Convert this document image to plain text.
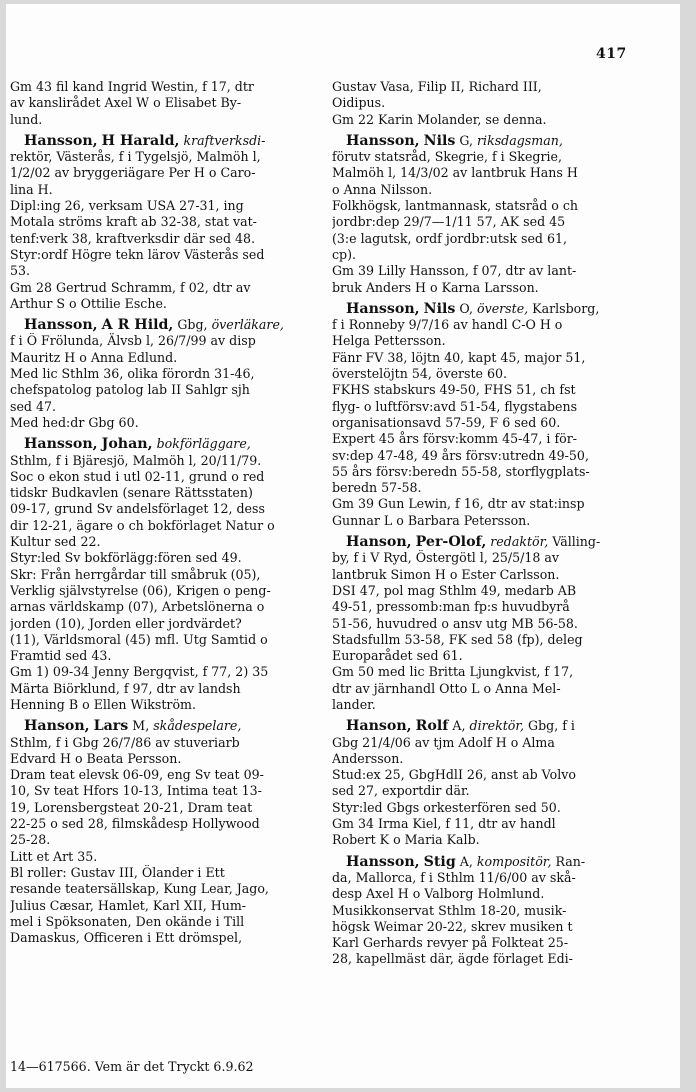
417
Gm 43 fil kand Ingrid Westin, f 17, dtr
av kanslirådet Axel W o Elisabet By-
lund.
Hansson, H Harald, kraftverksdi-
rektör, Västerås, f i Tygelsjö, Malmöh l,
1/2/02 av bryggeriägare Per H o Caro-
lina H.
Dipl:ing 26, verksam USA 27-31, ing
Motala ströms kraft ab 32-38, stat vat-
tenf:verk 38, kraftverksdir där sed 48.
Styr:ordf Högre tekn lärov Västerås sed
53.
Gm 28 Gertrud Schramm, f 02, dtr av
Arthur S o Ottilie Esche.
Hansson, A R Hild, Gbg, överläkare,
f i Ö Frölunda, Älvsb l, 26/7/99 av disp
Mauritz H o Anna Edlund.
Med lic Sthlm 36, olika förordn 31-46,
chefspatolog patolog lab II Sahlgr sjh
sed 47.
Med hed:dr Gbg 60.
Hansson, Johan, bokförläggare,
Sthlm, f i Bjäresjö, Malmöh l, 20/11/79.
Soc o ekon stud i utl 02-11, grund o red
tidskr Budkavlen (senare Rättsstaten)
09-17, grund Sv andelsförlaget 12, dess
dir 12-21, ägare o ch bokförlaget Natur o
Kultur sed 22.
Styr:led Sv bokförlägg:fören sed 49.
Skr: Från herrgårdar till småbruk (05),
Verklig självstyrelse (06), Krigen o peng-
arnas världskamp (07), Arbetslönerna o
jorden (10), Jorden eller jordvärdet?
(11), Världsmoral (45) mfl. Utg Samtid o
Framtid sed 43.
Gm 1) 09-34 Jenny Bergqvist, f 77, 2) 35
Märta Biörklund, f 97, dtr av landsh
Henning B o Ellen Wikström.
Hanson, Lars M, skådespelare,
Sthlm, f i Gbg 26/7/86 av stuveriarb
Edvard H o Beata Persson.
Dram teat elevsk 06-09, eng Sv teat 09-
10, Sv teat Hfors 10-13, Intima teat 13-
19, Lorensbergsteat 20-21, Dram teat
22-25 o sed 28, filmskådesp Hollywood
25-28.
Litt et Art 35.
Bl roller: Gustav III, Ölander i Ett
resande teatersällskap, Kung Lear, Jago,
Julius Cæsar, Hamlet, Karl XII, Hum-
mel i Spöksonaten, Den okände i Till
Damaskus, Officeren i Ett drömspel,
Gustav Vasa, Filip II, Richard III,
Oidipus.
Gm 22 Karin Molander, se denna.
Hansson, Nils G, riksdagsman,
förutv statsråd, Skegrie, f i Skegrie,
Malmöh l, 14/3/02 av lantbruk Hans H
o Anna Nilsson.
Folkhögsk, lantmannask, statsråd o ch
jordbr:dep 29/7—1/11 57, AK sed 45
(3:e lagutsk, ordf jordbr:utsk sed 61,
cp).
Gm 39 Lilly Hansson, f 07, dtr av lant-
bruk Anders H o Karna Larsson.
Hansson, Nils O, överste, Karlsborg,
f i Ronneby 9/7/16 av handl C-O H o
Helga Pettersson.
Fänr FV 38, löjtn 40, kapt 45, major 51,
överstelöjtn 54, överste 60.
FKHS stabskurs 49-50, FHS 51, ch fst
flyg- o luftförsv:avd 51-54, flygstabens
organisationsavd 57-59, F 6 sed 60.
Expert 45 års försv:komm 45-47, i för-
sv:dep 47-48, 49 års försv:utredn 49-50,
55 års försv:beredn 55-58, storflygplats-
beredn 57-58.
Gm 39 Gun Lewin, f 16, dtr av stat:insp
Gunnar L o Barbara Petersson.
Hanson, Per-Olof, redaktör, Välling-
by, f i V Ryd, Östergötl l, 25/5/18 av
lantbruk Simon H o Ester Carlsson.
DSI 47, pol mag Sthlm 49, medarb AB
49-51, pressomb:man fp:s huvudbyrå
51-56, huvudred o ansv utg MB 56-58.
Stadsfullm 53-58, FK sed 58 (fp), deleg
Europarådet sed 61.
Gm 50 med lic Britta Ljungkvist, f 17,
dtr av järnhandl Otto L o Anna Mel-
lander.
Hanson, Rolf A, direktör, Gbg, f i
Gbg 21/4/06 av tjm Adolf H o Alma
Andersson.
Stud:ex 25, GbgHdlI 26, anst ab Volvo
sed 27, exportdir där.
Styr:led Gbgs orkesterfören sed 50.
Gm 34 Irma Kiel, f 11, dtr av handl
Robert K o Maria Kalb.
Hansson, Stig A, kompositör, Ran-
da, Mallorca, f i Sthlm 11/6/00 av skå-
desp Axel H o Valborg Holmlund.
Musikkonservat Sthlm 18-20, musik-
högsk Weimar 20-22, skrev musiken t
Karl Gerhards revyer på Folkteat 25-
28, kapellmäst där, ägde förlaget Edi-
14—617566. Vem är det Tryckt 6.9.62
